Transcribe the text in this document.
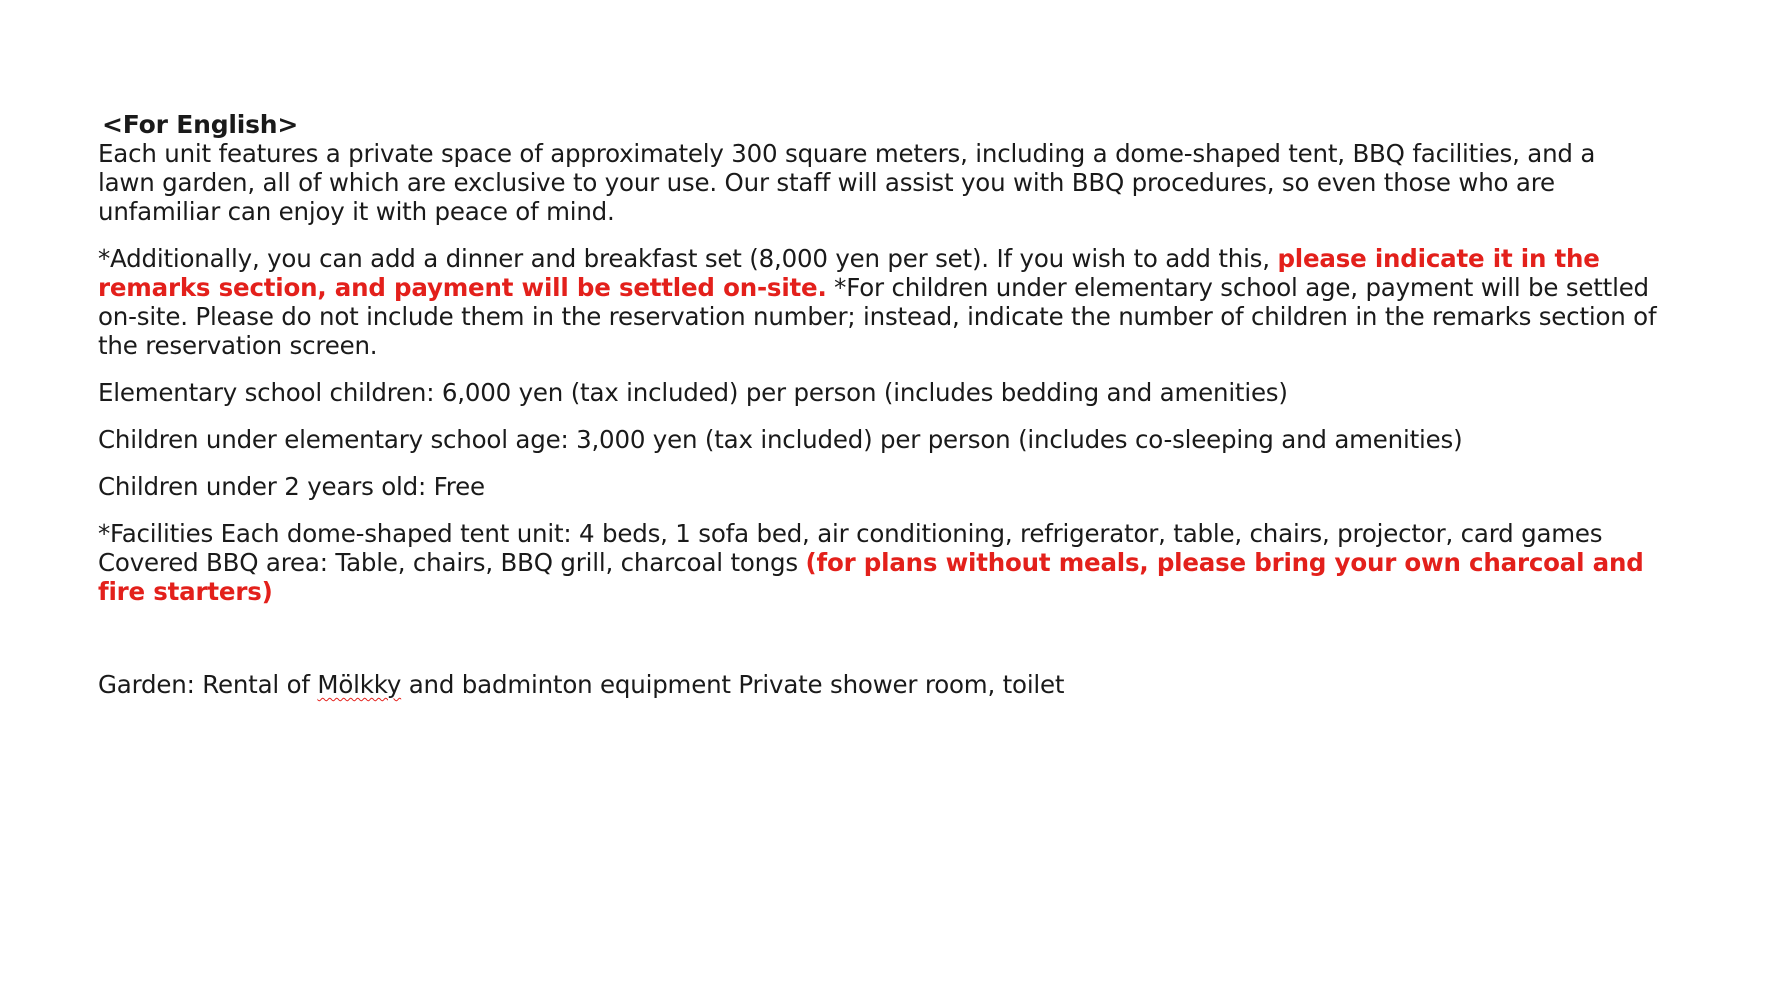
<For English>

Each unit features a private space of approximately 300 square meters, including a dome-shaped tent, BBQ facilities, and a lawn garden, all of which are exclusive to your use. Our staff will assist you with BBQ procedures, so even those who are unfamiliar can enjoy it with peace of mind.

*Additionally, you can add a dinner and breakfast set (8,000 yen per set). If you wish to add this, please indicate it in the remarks section, and payment will be settled on-site. *For children under elementary school age, payment will be settled on-site. Please do not include them in the reservation number; instead, indicate the number of children in the remarks section of the reservation screen.

Elementary school children: 6,000 yen (tax included) per person (includes bedding and amenities)

Children under elementary school age: 3,000 yen (tax included) per person (includes co-sleeping and amenities)

Children under 2 years old: Free

*Facilities Each dome-shaped tent unit: 4 beds, 1 sofa bed, air conditioning, refrigerator, table, chairs, projector, card games Covered BBQ area: Table, chairs, BBQ grill, charcoal tongs (for plans without meals, please bring your own charcoal and fire starters)

Garden: Rental of Mölkky and badminton equipment Private shower room, toilet
